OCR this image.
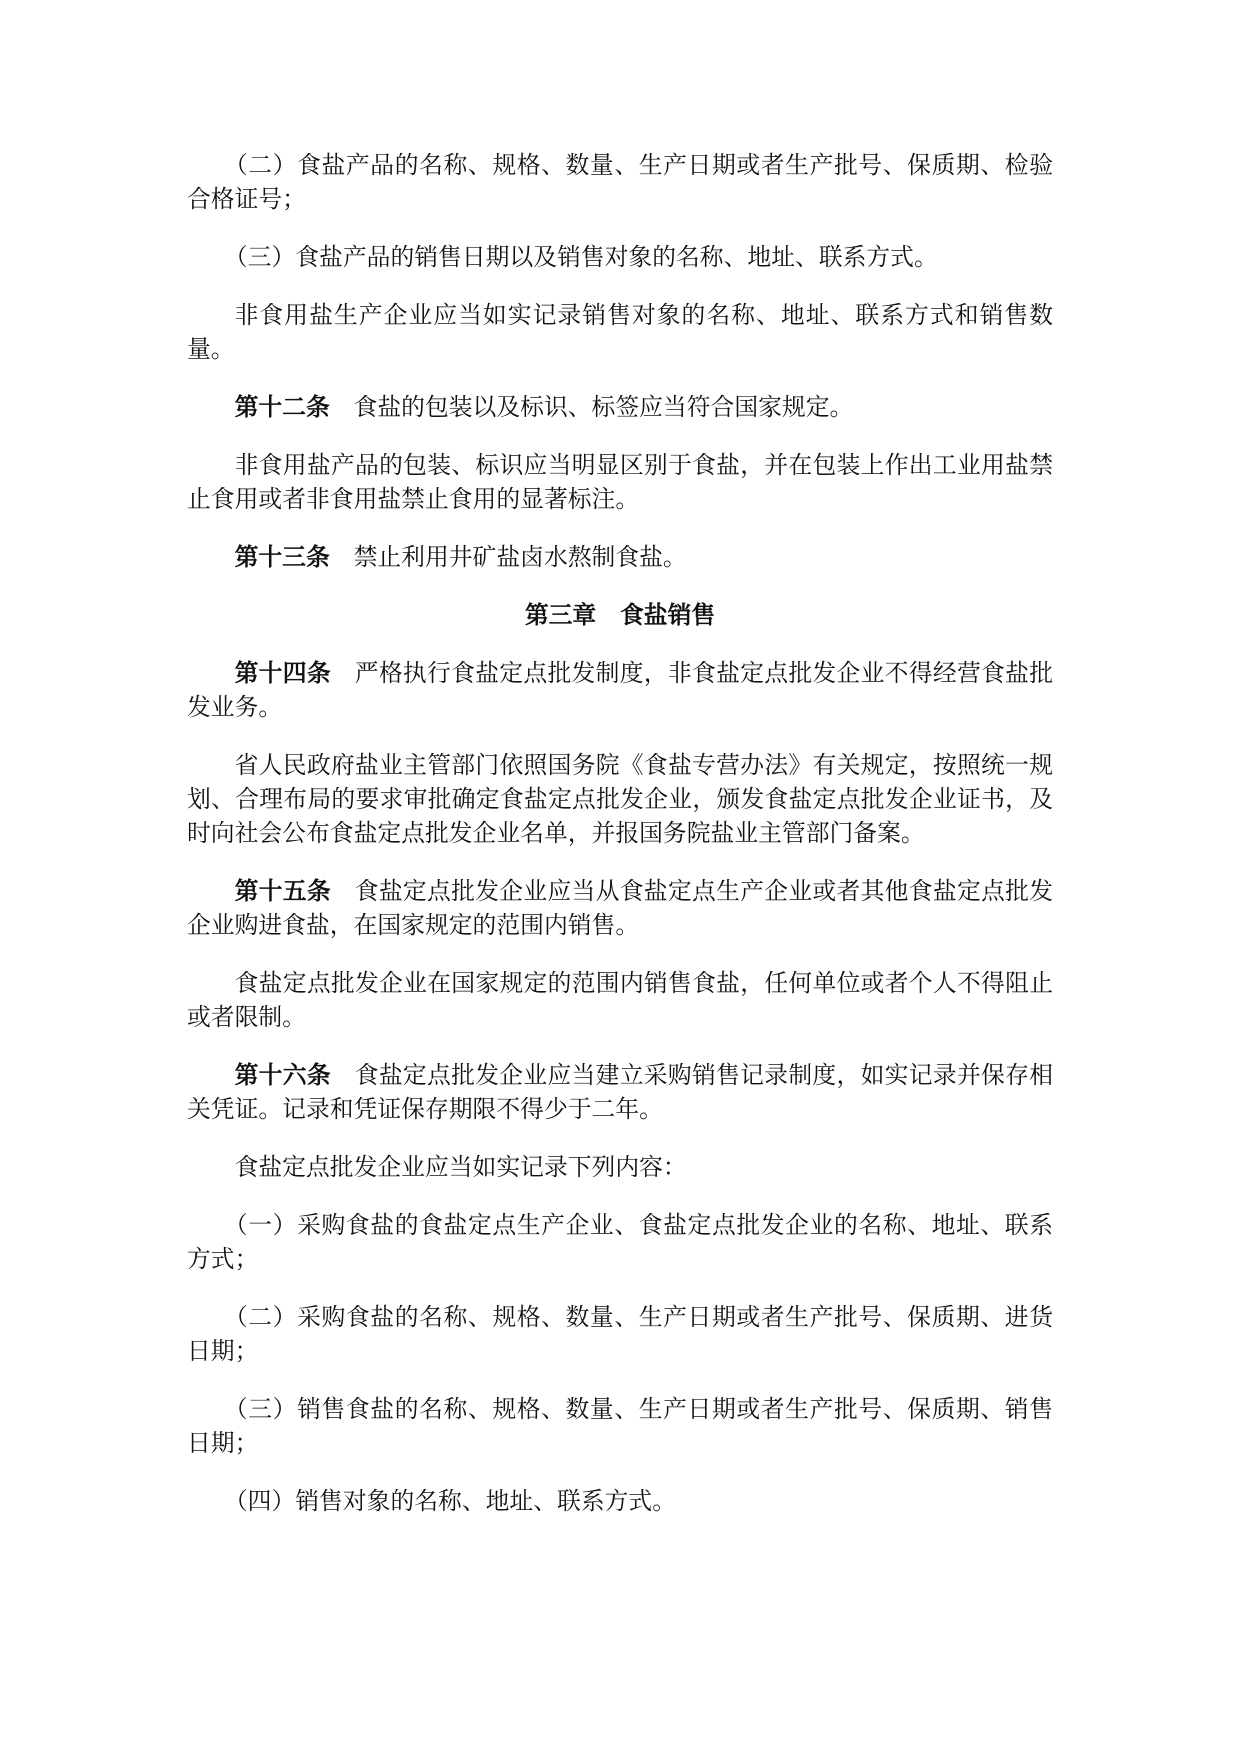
（二）食盐产品的名称、规格、数量、生产日期或者生产批号、保质期、检验合格证号；

（三）食盐产品的销售日期以及销售对象的名称、地址、联系方式。

非食用盐生产企业应当如实记录销售对象的名称、地址、联系方式和销售数量。

第十二条 食盐的包装以及标识、标签应当符合国家规定。

非食用盐产品的包装、标识应当明显区别于食盐，并在包装上作出工业用盐禁止食用或者非食用盐禁止食用的显著标注。

第十三条 禁止利用井矿盐卤水熬制食盐。

第三章 食盐销售

第十四条 严格执行食盐定点批发制度，非食盐定点批发企业不得经营食盐批发业务。

省人民政府盐业主管部门依照国务院《食盐专营办法》有关规定，按照统一规划、合理布局的要求审批确定食盐定点批发企业，颁发食盐定点批发企业证书，及时向社会公布食盐定点批发企业名单，并报国务院盐业主管部门备案。

第十五条 食盐定点批发企业应当从食盐定点生产企业或者其他食盐定点批发企业购进食盐，在国家规定的范围内销售。

食盐定点批发企业在国家规定的范围内销售食盐，任何单位或者个人不得阻止或者限制。

第十六条 食盐定点批发企业应当建立采购销售记录制度，如实记录并保存相关凭证。记录和凭证保存期限不得少于二年。

食盐定点批发企业应当如实记录下列内容：

（一）采购食盐的食盐定点生产企业、食盐定点批发企业的名称、地址、联系方式；

（二）采购食盐的名称、规格、数量、生产日期或者生产批号、保质期、进货日期；

（三）销售食盐的名称、规格、数量、生产日期或者生产批号、保质期、销售日期；

（四）销售对象的名称、地址、联系方式。
